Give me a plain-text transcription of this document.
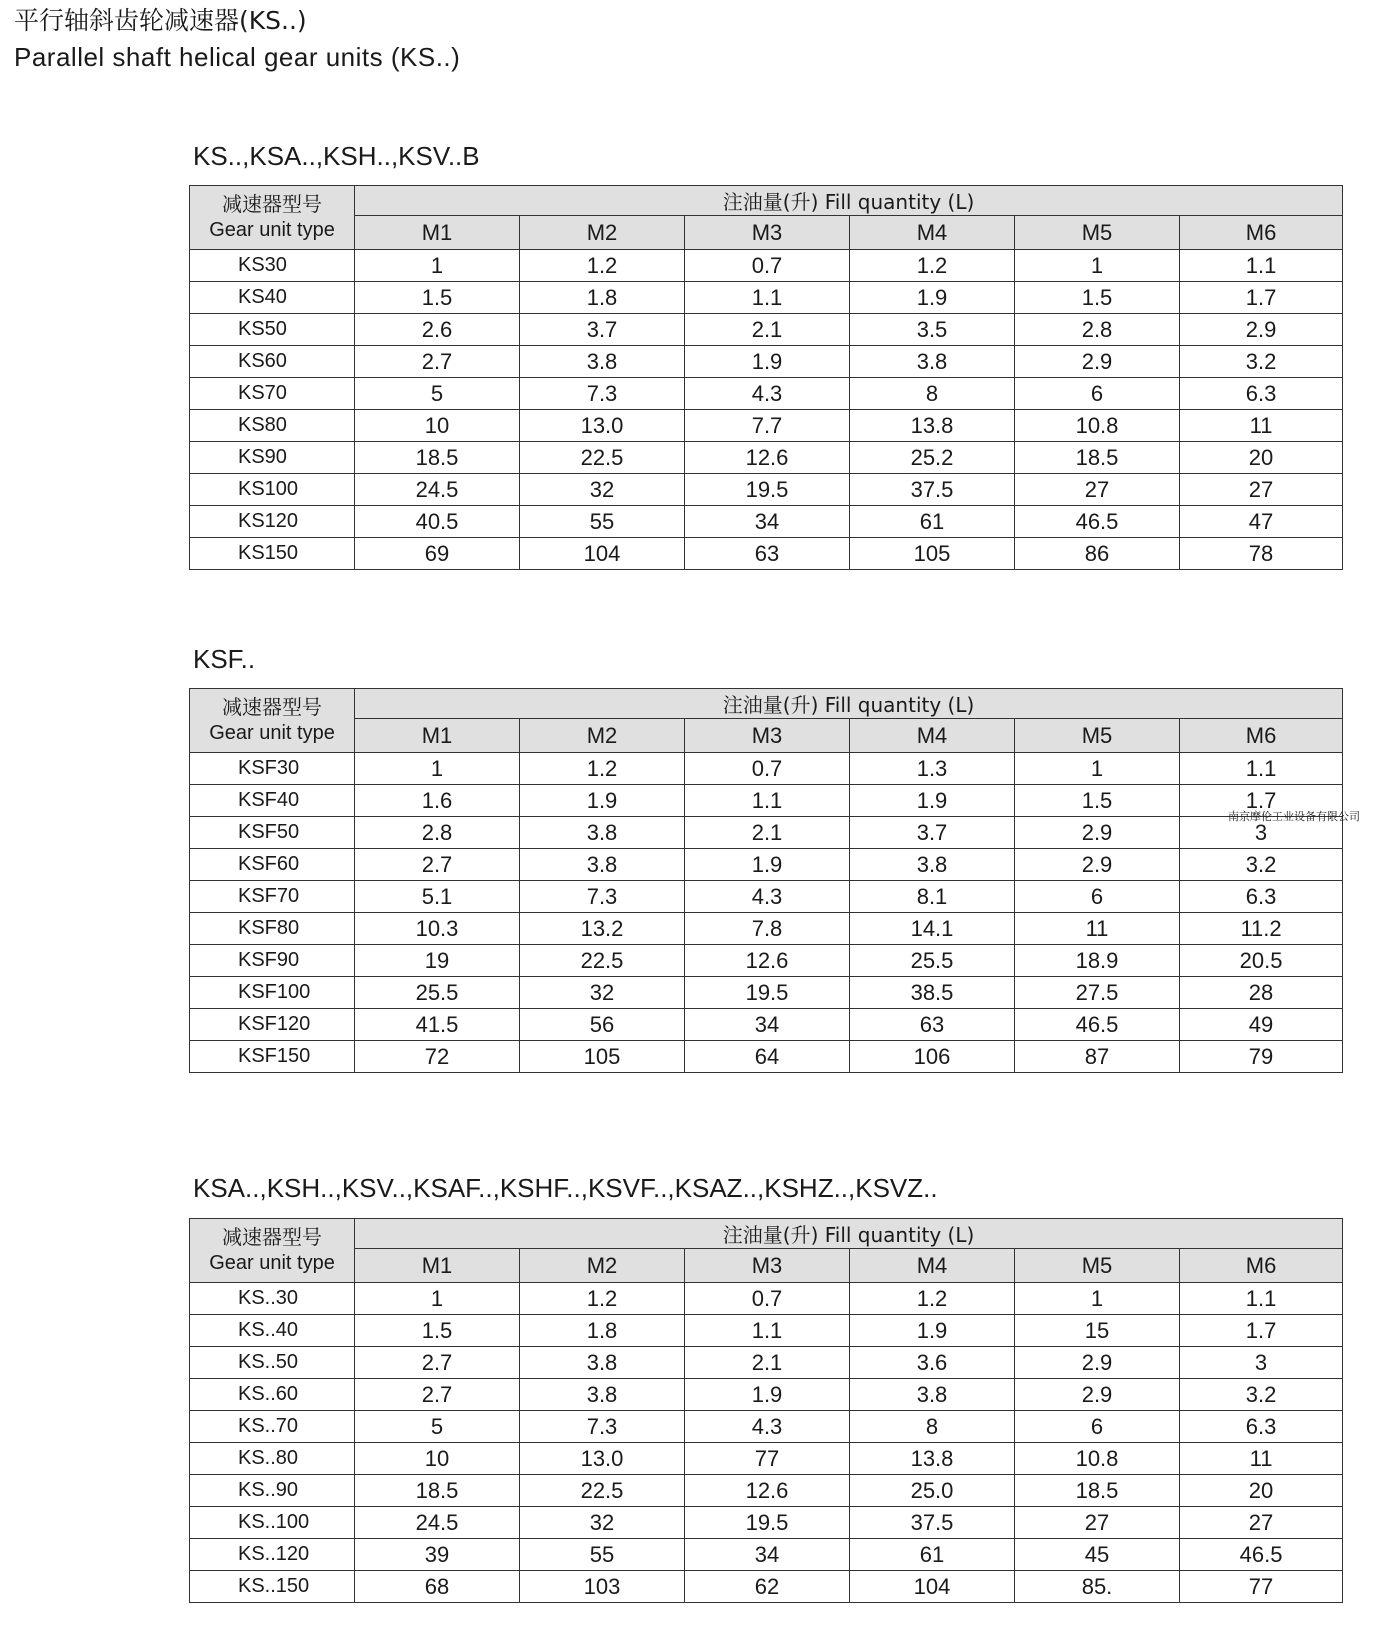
平行轴斜齿轮减速器(KS..)
Parallel shaft helical gear units (KS..)
KS..,KSA..,KSH..,KSV..B
减速器型号
Gear unit type	注油量(升) Fill quantity (L)					
	M1	M2	M3	M4	M5	M6
KS30	1	1.2	0.7	1.2	1	1.1
KS40	1.5	1.8	1.1	1.9	1.5	1.7
KS50	2.6	3.7	2.1	3.5	2.8	2.9
KS60	2.7	3.8	1.9	3.8	2.9	3.2
KS70	5	7.3	4.3	8	6	6.3
KS80	10	13.0	7.7	13.8	10.8	11
KS90	18.5	22.5	12.6	25.2	18.5	20
KS100	24.5	32	19.5	37.5	27	27
KS120	40.5	55	34	61	46.5	47
KS150	69	104	63	105	86	78
KSF..
减速器型号
Gear unit type	注油量(升) Fill quantity (L)					
	M1	M2	M3	M4	M5	M6
KSF30	1	1.2	0.7	1.3	1	1.1
KSF40	1.6	1.9	1.1	1.9	1.5	1.7
KSF50	2.8	3.8	2.1	3.7	2.9	3
KSF60	2.7	3.8	1.9	3.8	2.9	3.2
KSF70	5.1	7.3	4.3	8.1	6	6.3
KSF80	10.3	13.2	7.8	14.1	11	11.2
KSF90	19	22.5	12.6	25.5	18.9	20.5
KSF100	25.5	32	19.5	38.5	27.5	28
KSF120	41.5	56	34	63	46.5	49
KSF150	72	105	64	106	87	79
KSA..,KSH..,KSV..,KSAF..,KSHF..,KSVF..,KSAZ..,KSHZ..,KSVZ..
减速器型号
Gear unit type	注油量(升) Fill quantity (L)					
	M1	M2	M3	M4	M5	M6
KS..30	1	1.2	0.7	1.2	1	1.1
KS..40	1.5	1.8	1.1	1.9	15	1.7
KS..50	2.7	3.8	2.1	3.6	2.9	3
KS..60	2.7	3.8	1.9	3.8	2.9	3.2
KS..70	5	7.3	4.3	8	6	6.3
KS..80	10	13.0	77	13.8	10.8	11
KS..90	18.5	22.5	12.6	25.0	18.5	20
KS..100	24.5	32	19.5	37.5	27	27
KS..120	39	55	34	61	45	46.5
KS..150	68	103	62	104	85.	77
南京摩伦工业设备有限公司
